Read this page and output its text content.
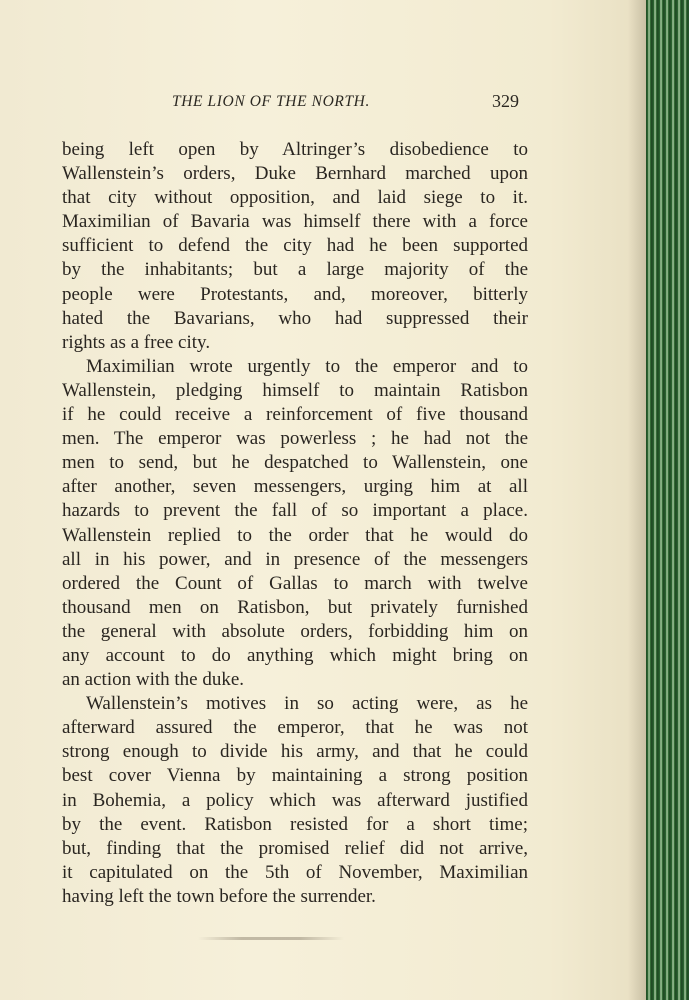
THE LION OF THE NORTH.	329
being left open by Altringer’s disobedience to
Wallenstein’s orders, Duke Bernhard marched upon
that city without opposition, and laid siege to it.
Maximilian of Bavaria was himself there with a force
sufficient to defend the city had he been supported
by the inhabitants; but a large majority of the
people were Protestants, and, moreover, bitterly
hated the Bavarians, who had suppressed their
rights as a free city.
Maximilian wrote urgently to the emperor and to
Wallenstein, pledging himself to maintain Ratisbon
if he could receive a reinforcement of five thousand
men. The emperor was powerless ; he had not the
men to send, but he despatched to Wallenstein, one
after another, seven messengers, urging him at all
hazards to prevent the fall of so important a place.
Wallenstein replied to the order that he would do
all in his power, and in presence of the messengers
ordered the Count of Gallas to march with twelve
thousand men on Ratisbon, but privately furnished
the general with absolute orders, forbidding him on
any account to do anything which might bring on
an action with the duke.
Wallenstein’s motives in so acting were, as he
afterward assured the emperor, that he was not
strong enough to divide his army, and that he could
best cover Vienna by maintaining a strong position
in Bohemia, a policy which was afterward justified
by the event. Ratisbon resisted for a short time;
but, finding that the promised relief did not arrive,
it capitulated on the 5th of November, Maximilian
having left the town before the surrender.
